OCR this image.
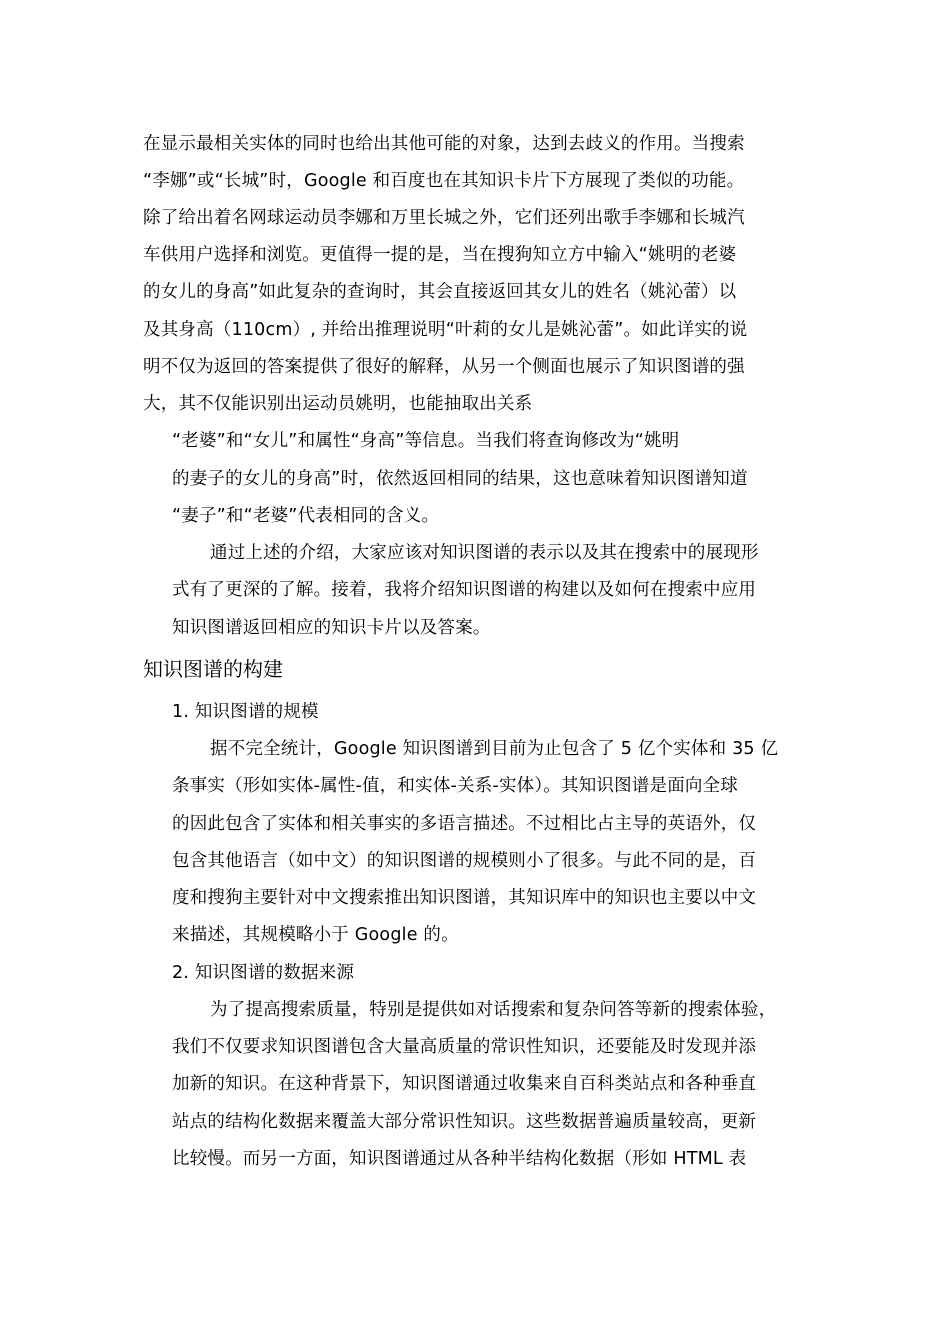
在显示最相关实体的同时也给出其他可能的对象，达到去歧义的作用。当搜索
“李娜”或“长城”时，Google 和百度也在其知识卡片下方展现了类似的功能。
除了给出着名网球运动员李娜和万里长城之外，它们还列出歌手李娜和长城汽
车供用户选择和浏览。更值得一提的是，当在搜狗知立方中输入“姚明的老婆
的女儿的身高”如此复杂的查询时，其会直接返回其女儿的姓名（姚沁蕾）以
及其身高（110cm）, 并给出推理说明“叶莉的女儿是姚沁蕾”。如此详实的说
明不仅为返回的答案提供了很好的解释，从另一个侧面也展示了知识图谱的强
大，其不仅能识别出运动员姚明，也能抽取出关系
“老婆”和“女儿”和属性“身高”等信息。当我们将查询修改为“姚明
的妻子的女儿的身高”时，依然返回相同的结果，这也意味着知识图谱知道
“妻子”和“老婆”代表相同的含义。
通过上述的介绍，大家应该对知识图谱的表示以及其在搜索中的展现形
式有了更深的了解。接着，我将介绍知识图谱的构建以及如何在搜索中应用
知识图谱返回相应的知识卡片以及答案。
知识图谱的构建
1. 知识图谱的规模
据不完全统计，Google 知识图谱到目前为止包含了 5 亿个实体和 35 亿
条事实（形如实体-属性-值，和实体-关系-实体）。其知识图谱是面向全球
的因此包含了实体和相关事实的多语言描述。不过相比占主导的英语外，仅
包含其他语言（如中文）的知识图谱的规模则小了很多。与此不同的是，百
度和搜狗主要针对中文搜索推出知识图谱，其知识库中的知识也主要以中文
来描述，其规模略小于 Google 的。
2. 知识图谱的数据来源
为了提高搜索质量，特别是提供如对话搜索和复杂问答等新的搜索体验，
我们不仅要求知识图谱包含大量高质量的常识性知识，还要能及时发现并添
加新的知识。在这种背景下，知识图谱通过收集来自百科类站点和各种垂直
站点的结构化数据来覆盖大部分常识性知识。这些数据普遍质量较高，更新
比较慢。而另一方面，知识图谱通过从各种半结构化数据（形如 HTML 表
